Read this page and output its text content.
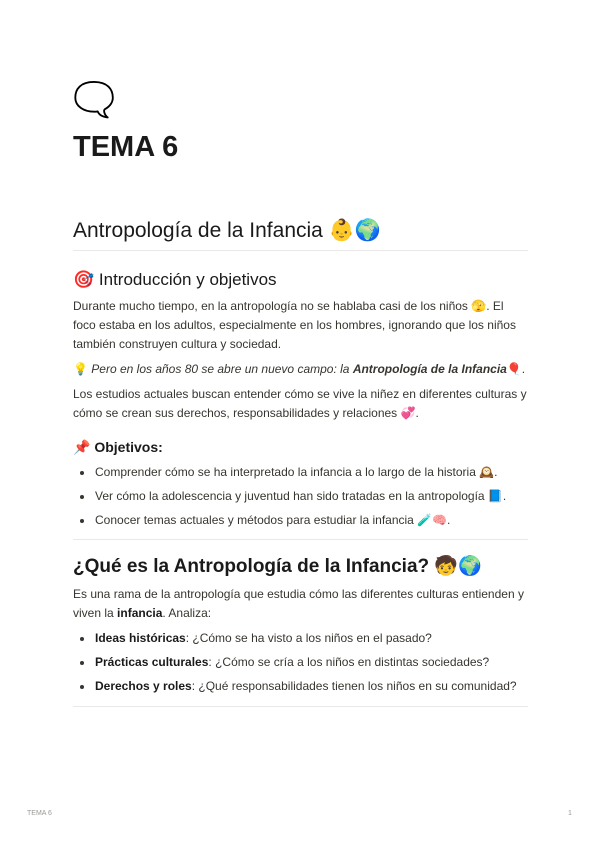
🗨️
TEMA 6
Antropología de la Infancia 👶🌍
🎯 Introducción y objetivos

Durante mucho tiempo, en la antropología no se hablaba casi de los niños 🫣. El foco estaba en los adultos, especialmente en los hombres, ignorando que los niños también construyen cultura y sociedad.

💡 Pero en los años 80 se abre un nuevo campo: la Antropología de la Infancia🎈.

Los estudios actuales buscan entender cómo se vive la niñez en diferentes culturas y cómo se crean sus derechos, responsabilidades y relaciones 💞.

📌 Objetivos:
Comprender cómo se ha interpretado la infancia a lo largo de la historia 🕰️.
Ver cómo la adolescencia y juventud han sido tratadas en la antropología 📘.
Conocer temas actuales y métodos para estudiar la infancia 🧪🧠.
¿Qué es la Antropología de la Infancia? 🧒🌍

Es una rama de la antropología que estudia cómo las diferentes culturas entienden y viven la infancia. Analiza:

Ideas históricas: ¿Cómo se ha visto a los niños en el pasado?
Prácticas culturales: ¿Cómo se cría a los niños en distintas sociedades?
Derechos y roles: ¿Qué responsabilidades tienen los niños en su comunidad?
TEMA 6	1
